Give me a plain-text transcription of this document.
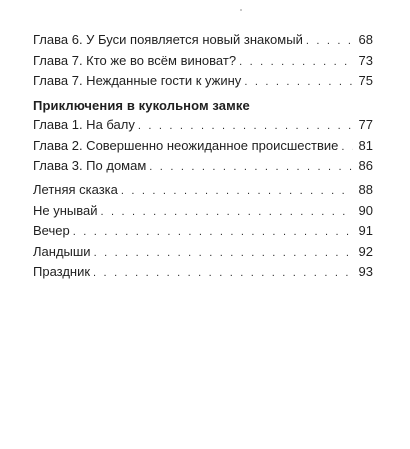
Глава 6. У Буси появляется новый знакомый . . .	68
Глава 7. Кто же во всём виноват? . . .	73
Глава 7. Нежданные гости к ужину . . .	75
Приключения в кукольном замке
Глава 1. На балу . . .	77
Глава 2. Совершенно неожиданное происшествие . . .	81
Глава 3. По домам . . .	86
Летняя сказка . . .	88
Не унывай . . .	90
Вечер . . .	91
Ландыши . . .	92
Праздник . . .	93
